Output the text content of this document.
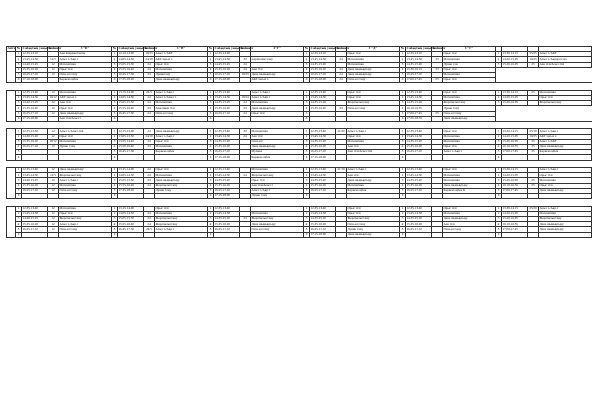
Апта	№	Сабақтың уақыты	Кабинет	3 "Б"	№	Сабақтың уақыты	Кабинет	3 "В"	№	Сабақтың уақыты	Кабинет	3"Г"	№	Сабақтың уақыты	Кабинет	3 "Д"	№	Сабақтың уақыты	Кабинет	3 "Г"				
	1	12.35-13.10		Ана жеңевкөгмасы	1	12.10-13.00	19/23	Ағыл т./АКТ	1	12.35-13.40			1	12.35-13.10		Орыс тілі	1	12.35-13.10		Орыс тілі	1	13.30-14.15	25/25	Ағыл т./АКТ
	2	13.45-14.30	12/5	Ағыл т./Ақп.т	2	14.05-14.50	24/19	АКТ/Ағыл т.	2	13.45-14.30	24	жаратылыстану	2	13.45-14.30	24	Математика	2	13.45-14.30	23	Математика	2	14.20-15.05	19/25	Ағыл т./Ақпарат.тех.
	3	14.40-15.25	12	Математика	3	15.05-15.50	24	Орыс тілі	3	14.45-15.25	24		3	14.35-15.20		Математика	3	14.35-15.20		Дүние тан.	3	15.20-16.05	25	Ана тілі/Ағыл.тілі
	4	15.35-16.20	12	Орыс тілі	4	15.55-16.40	24	Математика	4	15.35-16.20	24	Ана тілі	4	15.35-16.20	24	Дене шынықтыру	4	15.30-16.15	23	Орыс тілі				
	5	16.25-17.10	12	Өзін-өзі тану	5	16.45-17.30	24	Дүниетану	5	16.25-17.10	19/23	Дене шынықтыру	5	16.25-17.10	24	Дене шынықтыру	5	16.25-17.10		Математика				
	6	17.10-18.00		Көркем еңбек	6	17.35-18.20		Дене шынықтыру	6	17.15-18.00		АКТ/Ағыл т.	6	17.15-18.00	24	Өзін-өзі тану	6	17.00-17.45	25	Орыс тілі				

	1	12.35-13.40	12	Математика	1	13.15-14.00	24/5	Ағыл т./Ақп.т	1	12.35-13.40		Ағыл т./Ақп.т	1	12.35-13.40		Орыс тілі	1	12.35-13.40		Орыс тілі	1	13.30-14.15	25	Математика
	2	13.45-14.30	19/12	АКТ/Ағыл т.	2	14.05-14.50	24	Ағыл т./Ағыл т.	2	13.45-14.30	19/24	Ағыл т./Ақп.т	2	13.45-14.30		Орыс тілі	2	13.45-14.30		Математика	2	14.20-15.05		Орыс тілі
	3	14.40-15.25	12	Ана тілі	3	15.05-15.50	24	Математика	3	14.35-15.25	24	Математика	3	14.35-15.20		Жаратылыстану	3	14.35-15.20		Жаратылыстану	3	15.20-16.05		Жаратылыстану
	4	15.35-16.20	12	Орыс тілі	4	15.55-16.40	24	Ағылшын тілі	4	15.35-16.20	24	Дене шынықтыру	4	15.35-16.20	24	Өзін-өзі тану	4	16.10-16.55		Дүние тану				
	5	16.25-17.10	12	Дене шынықтыру	5	16.45-17.30	24	Өзін-өзі тану	5	16.25-17.10	24	Орыс тілі	5				5	17.00-17.45	25	Өзін-өзі тану				
	6	17.15-18.00		Ана тілі/Ағыл.т	6				6				6				6	17.50-18.35		Дене шынықтыру				

	1	12.35-13.50	12	Ағыл т./Ағыл.тілі	1	12.15-13.00	24	Дене шынықтыру	1	12.35-13.40	24	Математика	1	12.35-13.40	21/20	Ағыл т./Ақп.т	1	12.35-13.40		Орыс тілі	1	13.30-14.15	25/19	Ағыл т./Ақп.т
	2	14.30-15.20	12	Орыс тілі	2	13.05-13.50	24/19	Ағыл т./Ақп.т	2	13.45-14.30	24	Ана тілі	2	13.45-14.30		Орыс тілі	2	13.45-14.30		Математика	2	14.20-15.05	19/25	АКТ/Ағыл т.
	3	15.35-16.20	19/12	Математика	3	13.55-14.40	24	Орыс тілі	3	14.35-15.20		Өзін-өзі	3	14.35-15.20		Математика	3	14.35-15.20		Математика	3	15.20-16.05	25	Ағыл т./АКТ
	4	16.25-17.10	12	Дүние тану	4	15.50-16.40	24	Математика	4	15.35-16.20		Дене шынықтыру	4	15.35-16.20		Ана тілі	4	15.35-16.20		Орыс тілі	4	16.10-16.55	25	Дене шынықтыру
	5				5	16.45-17.30		Көркем еңбек	5	16.25-17.10		Музыка	5	16.25-17.10		Ана тілі/Ағыл.тілі	5	16.25-17.10		Ағыл т./Ақп.т	5	17.00-17.45	25	Көркем еңбек
	6				6				6	17.15-18.00		Көркем еңбек	6	17.15-18.00			6				6			

	1	12.35-13.40	12	Дене шынықтыру	1	13.15-14.00	24	Орыс тілі	1	12.35-13.40		Математика	1	12.35-13.40	21/19	Ағыл т./Ақп.т	1	12.35-13.40		Орыс тілі	1	13.30-14.15		Ағыл т./Ақп.т
	2	13.45-14.30	12/5	Жаратылыстану	2	14.05-14.50	24	Математика	2	13.45-14.30	24	Жаратылыстану	2	13.45-14.30		Ана тілі	2	13.45-14.30		Математика	2	14.20-15.05		Орыс тілі
	3	14.40-15.25	12	Ағыл т./Ақп.т	3	15.05-15.50	24	Дене шынықтыру	3	14.35-15.20		Орыс тілі	3	14.35-15.20		Дене шынықтыру	3	14.35-15.20		Математика	3	15.20-16.05	25	Математика
	4	15.35-16.20	12	Математика	4	15.55-16.40	24	Жаратылыстану	4	15.35-16.20		Ана тілі/Ағыл.т	4	15.35-16.20		Математика	4	15.35-16.20		Дене шынықтыру	4	16.10-16.55	25	Орыс тілі
	5	16.25-17.10	12	Өзін-өзі тану	5	17.35-18.20		Дүние тану	5	16.25-17.10		Ағыл т./Ақп.т	5	16.25-17.10		Көркем еңбек	5	16.25-17.10		Көркем еңбек Қ	5	17.00-17.45		Дене шынықтыру
	6				6				6	17.15-18.00		Дүние тану	6				6				6			

	1	12.35-13.40	12	Математика	1	13.15-14.00		Орыс тілі	1	12.35-13.40			1	12.35-13.40		Орыс тілі	1	12.35-13.40		Орыс тілі	1	13.30-14.15	25/20	Ағыл т./Ақп.т
	2	13.45-14.30	12	Орыс тілі	2	14.05-14.50	24	Математика	2	13.45-14.30		Математика	2	13.45-14.30		Орыс тілі	2	13.45-14.30		Математика	2	14.20-15.05		Математика
	3	14.40-15.25	12	Жаратылыстану	3	15.05-15.50	24	Жаратылыстану	3	14.35-15.20	24	Жаратылыстану	3	14.35-15.20		Жаратылыстану	3	14.35-15.20		Дене шынықтыру	3	15.20-16.05		Жаратылыстану
	4	15.35-16.20	12	Ағыл т./Ақп.т	4	15.55-16.40	24	Жаратылыстану	4	15.35-16.20		Дене шынықтыру	4	15.35-16.20		Өзін-өзі тану	4	15.35-16.20		Ана тілі	4	16.10-16.55		Дене шынықтыру
	5	16.25-17.10	12	Өзін-өзі тану	5	16.45-17.30	24/5	Ағыл т./Ақп.т	5	16.25-17.10		Өзін-өзі тану	5	16.25-17.10		Дүние тану	5	16.25-17.10		Өзін-өзі тану	5	17.00-17.45		Дене шынықтыру
	6				6				6				6	17.15-18.00		Дене шынықтыру	6				6			
